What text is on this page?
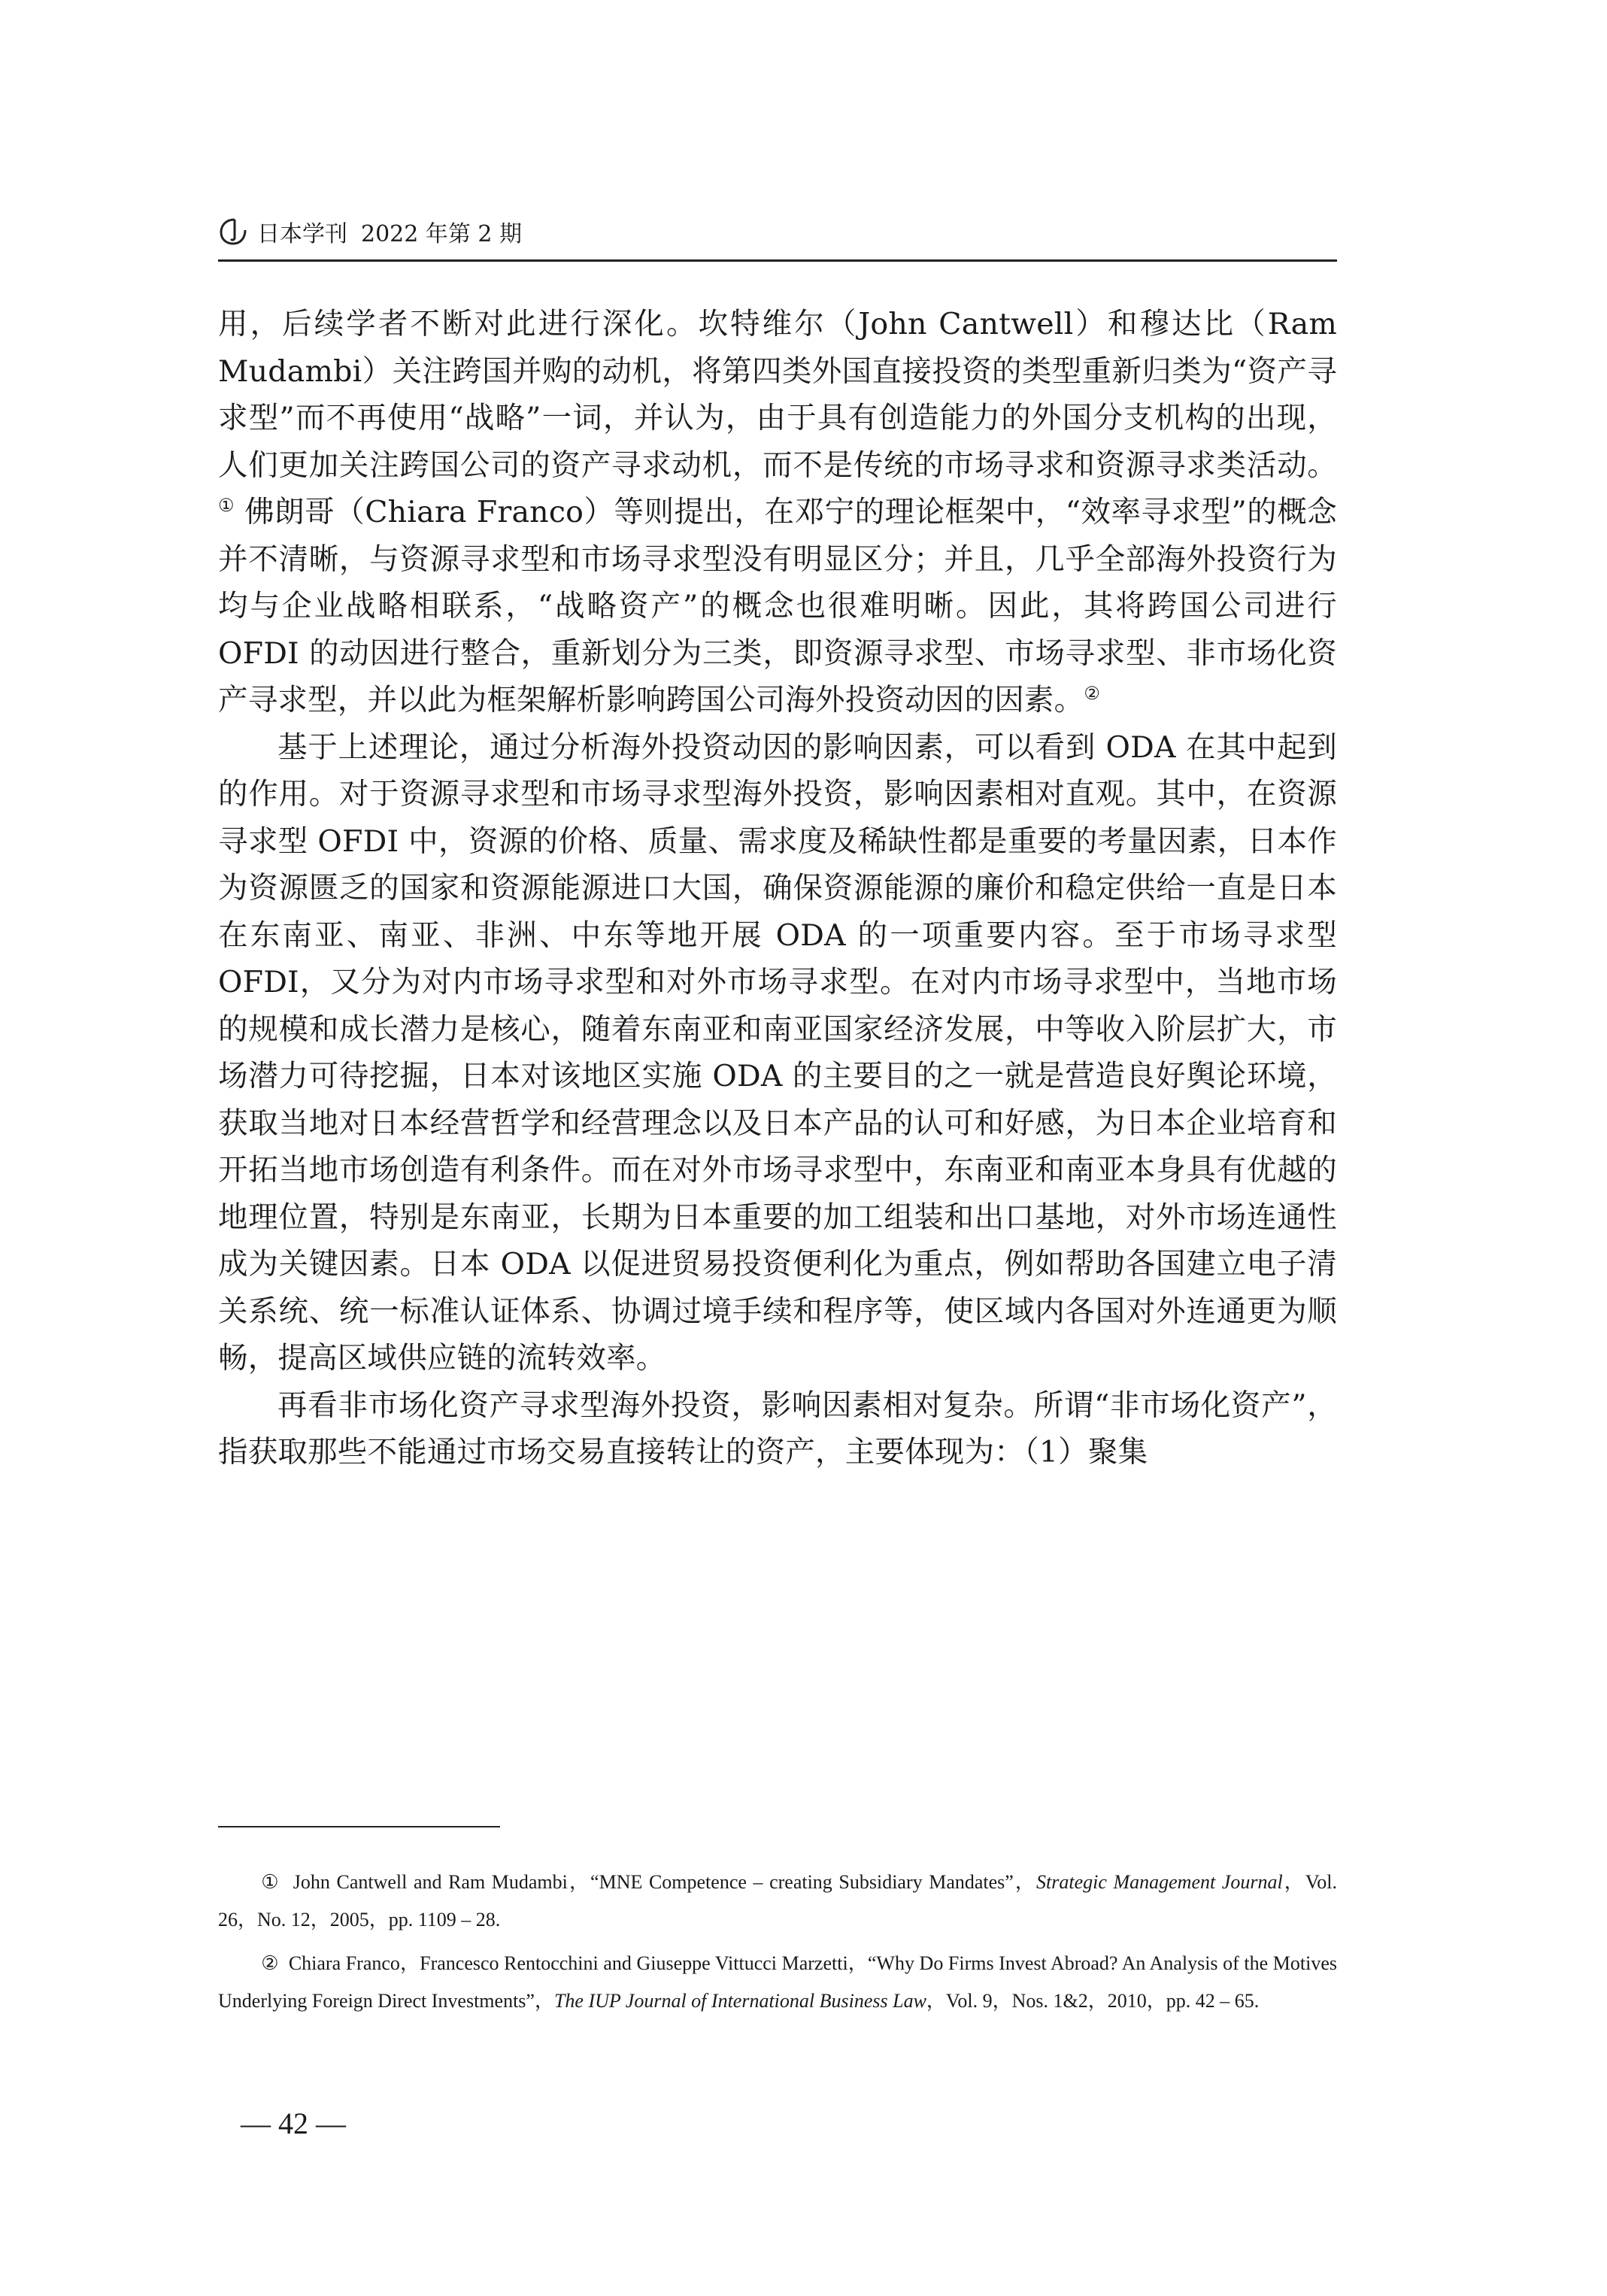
日本学刊 2022 年第 2 期

用，后续学者不断对此进行深化。坎特维尔（John Cantwell）和穆达比（Ram Mudambi）关注跨国并购的动机，将第四类外国直接投资的类型重新归类为“资产寻求型”而不再使用“战略”一词，并认为，由于具有创造能力的外国分支机构的出现，人们更加关注跨国公司的资产寻求动机，而不是传统的市场寻求和资源寻求类活动。① 佛朗哥（Chiara Franco）等则提出，在邓宁的理论框架中，“效率寻求型”的概念并不清晰，与资源寻求型和市场寻求型没有明显区分；并且，几乎全部海外投资行为均与企业战略相联系，“战略资产”的概念也很难明晰。因此，其将跨国公司进行 OFDI 的动因进行整合，重新划分为三类，即资源寻求型、市场寻求型、非市场化资产寻求型，并以此为框架解析影响跨国公司海外投资动因的因素。②

基于上述理论，通过分析海外投资动因的影响因素，可以看到 ODA 在其中起到的作用。对于资源寻求型和市场寻求型海外投资，影响因素相对直观。其中，在资源寻求型 OFDI 中，资源的价格、质量、需求度及稀缺性都是重要的考量因素，日本作为资源匮乏的国家和资源能源进口大国，确保资源能源的廉价和稳定供给一直是日本在东南亚、南亚、非洲、中东等地开展 ODA 的一项重要内容。至于市场寻求型 OFDI，又分为对内市场寻求型和对外市场寻求型。在对内市场寻求型中，当地市场的规模和成长潜力是核心，随着东南亚和南亚国家经济发展，中等收入阶层扩大，市场潜力可待挖掘，日本对该地区实施 ODA 的主要目的之一就是营造良好舆论环境，获取当地对日本经营哲学和经营理念以及日本产品的认可和好感，为日本企业培育和开拓当地市场创造有利条件。而在对外市场寻求型中，东南亚和南亚本身具有优越的地理位置，特别是东南亚，长期为日本重要的加工组装和出口基地，对外市场连通性成为关键因素。日本 ODA 以促进贸易投资便利化为重点，例如帮助各国建立电子清关系统、统一标准认证体系、协调过境手续和程序等，使区域内各国对外连通更为顺畅，提高区域供应链的流转效率。

再看非市场化资产寻求型海外投资，影响因素相对复杂。所谓“非市场化资产”，指获取那些不能通过市场交易直接转让的资产，主要体现为：（1）聚集

① John Cantwell and Ram Mudambi，“MNE Competence – creating Subsidiary Mandates”，Strategic Management Journal，Vol. 26，No. 12，2005，pp. 1109 – 28.

② Chiara Franco，Francesco Rentocchini and Giuseppe Vittucci Marzetti，“Why Do Firms Invest Abroad? An Analysis of the Motives Underlying Foreign Direct Investments”，The IUP Journal of International Business Law，Vol. 9，Nos. 1&2，2010，pp. 42 – 65.

— 42 —
